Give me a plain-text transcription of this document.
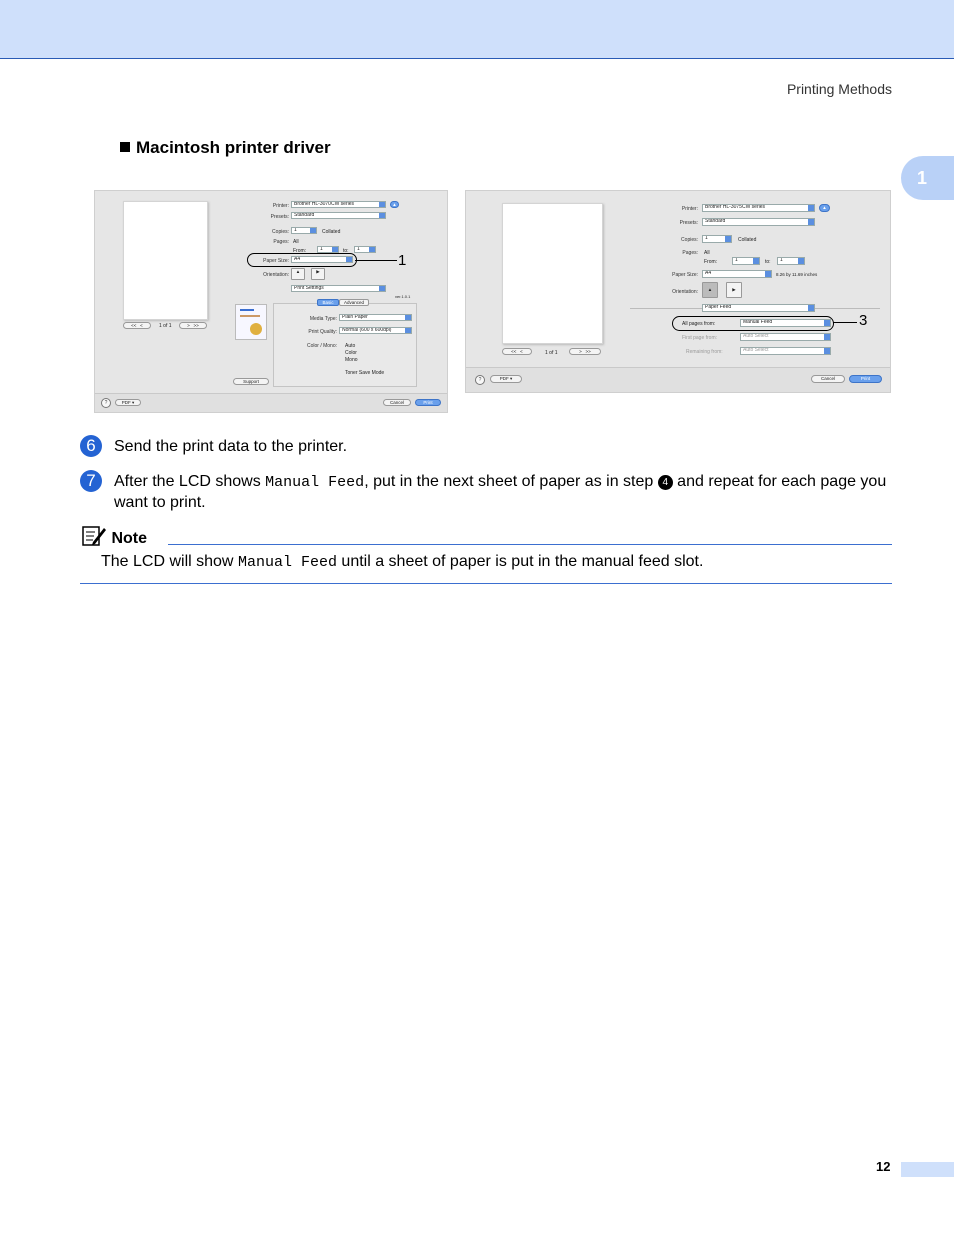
Printing Methods
1
Macintosh printer driver
<<   <	1 of 1	>   >>
Printer:	Brother HL-3070CW series	▲
Presets:	Standard
Copies:	1	Collated
Pages: All
From:	1	to:	1
Paper Size:	A4	1
Orientation:
▲	▶
Print Settings
ver.1.0.1
Basic	Advanced
Media Type:	Plain Paper
Print Quality:	Normal (600 x 600dpi)
Color / Mono: Auto
Color
Mono
Toner Save Mode
Support
?	PDF ▾	Cancel	Print
<<   <	1 of 1	>   >>
Printer:	Brother HL-3075CW series	▲
Presets:	Standard
Copies:	1	Collated
Pages: All
From:	1	to:	1
Paper Size:	A4	8.26 by 11.69 inches
Orientation:	▲	▶
Paper Feed
All pages from:	Manual Feed	3
First page from:	Auto Select
Remaining from:	Auto Select
?	PDF ▾	Cancel	Print
6	Send the print data to the printer.
7	After the LCD shows Manual Feed, put in the next sheet of paper as in step 4 and repeat for each page you want to print.
Note
The LCD will show Manual Feed until a sheet of paper is put in the manual feed slot.
12
